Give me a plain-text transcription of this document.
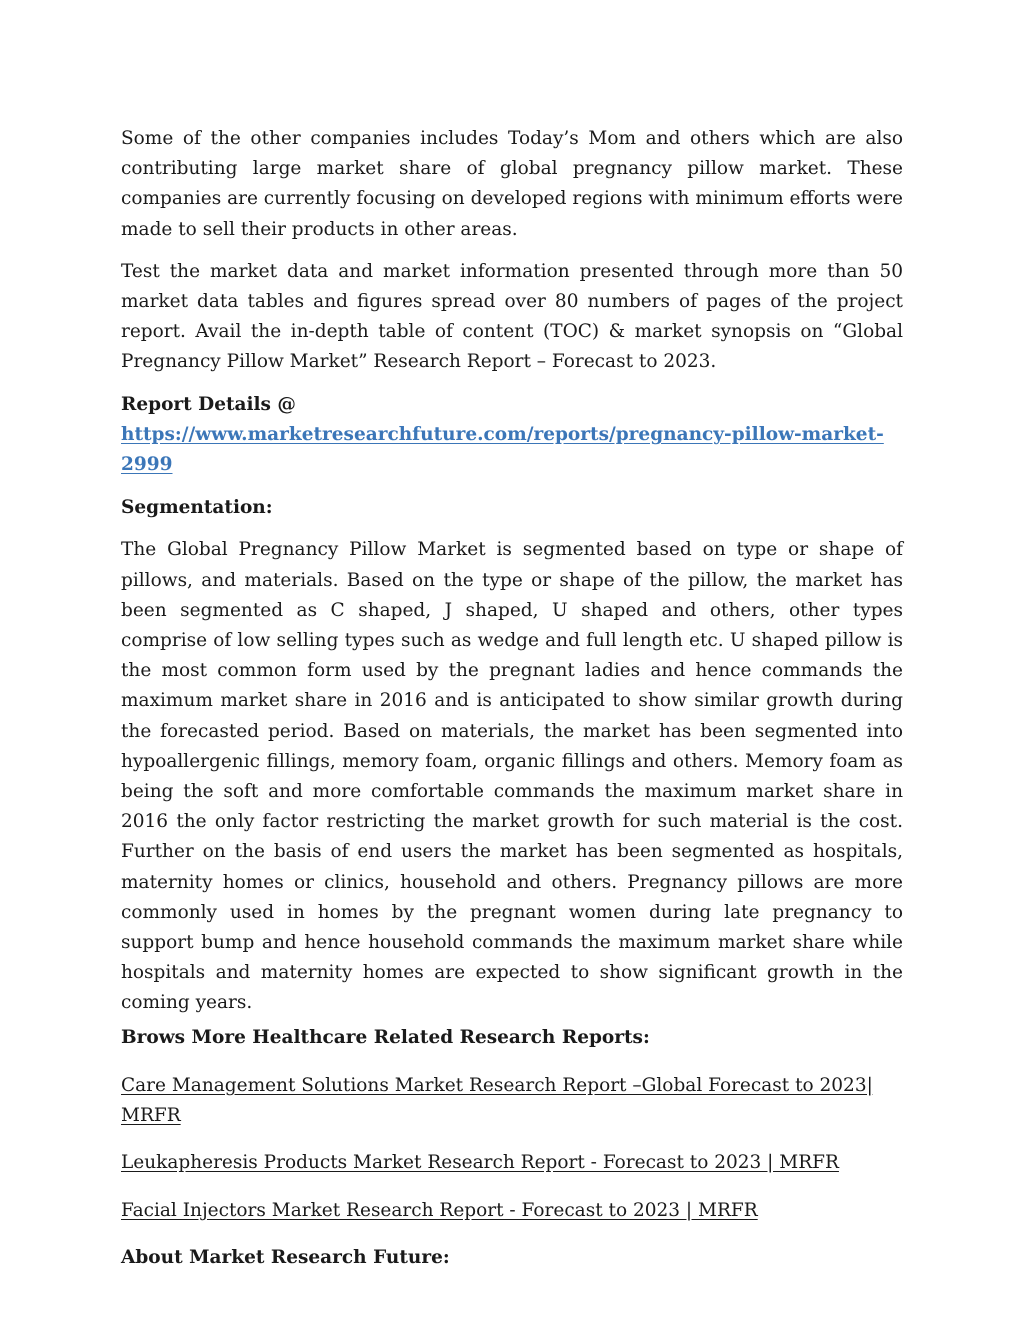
Some of the other companies includes Today’s Mom and others which are also contributing large market share of global pregnancy pillow market. These companies are currently focusing on developed regions with minimum efforts were made to sell their products in other areas.

Test the market data and market information presented through more than 50 market data tables and figures spread over 80 numbers of pages of the project report. Avail the in-depth table of content (TOC) & market synopsis on “Global Pregnancy Pillow Market” Research Report – Forecast to 2023.

Report Details @ https://www.marketresearchfuture.com/reports/pregnancy-pillow-market-2999

Segmentation:

The Global Pregnancy Pillow Market is segmented based on type or shape of pillows, and materials. Based on the type or shape of the pillow, the market has been segmented as C shaped, J shaped, U shaped and others, other types comprise of low selling types such as wedge and full length etc. U shaped pillow is the most common form used by the pregnant ladies and hence commands the maximum market share in 2016 and is anticipated to show similar growth during the forecasted period. Based on materials, the market has been segmented into hypoallergenic fillings, memory foam, organic fillings and others. Memory foam as being the soft and more comfortable commands the maximum market share in 2016 the only factor restricting the market growth for such material is the cost. Further on the basis of end users the market has been segmented as hospitals, maternity homes or clinics, household and others. Pregnancy pillows are more commonly used in homes by the pregnant women during late pregnancy to support bump and hence household commands the maximum market share while hospitals and maternity homes are expected to show significant growth in the coming years.

Brows More Healthcare Related Research Reports:

Care Management Solutions Market Research Report –Global Forecast to 2023| MRFR
Leukapheresis Products Market Research Report - Forecast to 2023 | MRFR
Facial Injectors Market Research Report - Forecast to 2023 | MRFR

About Market Research Future:
